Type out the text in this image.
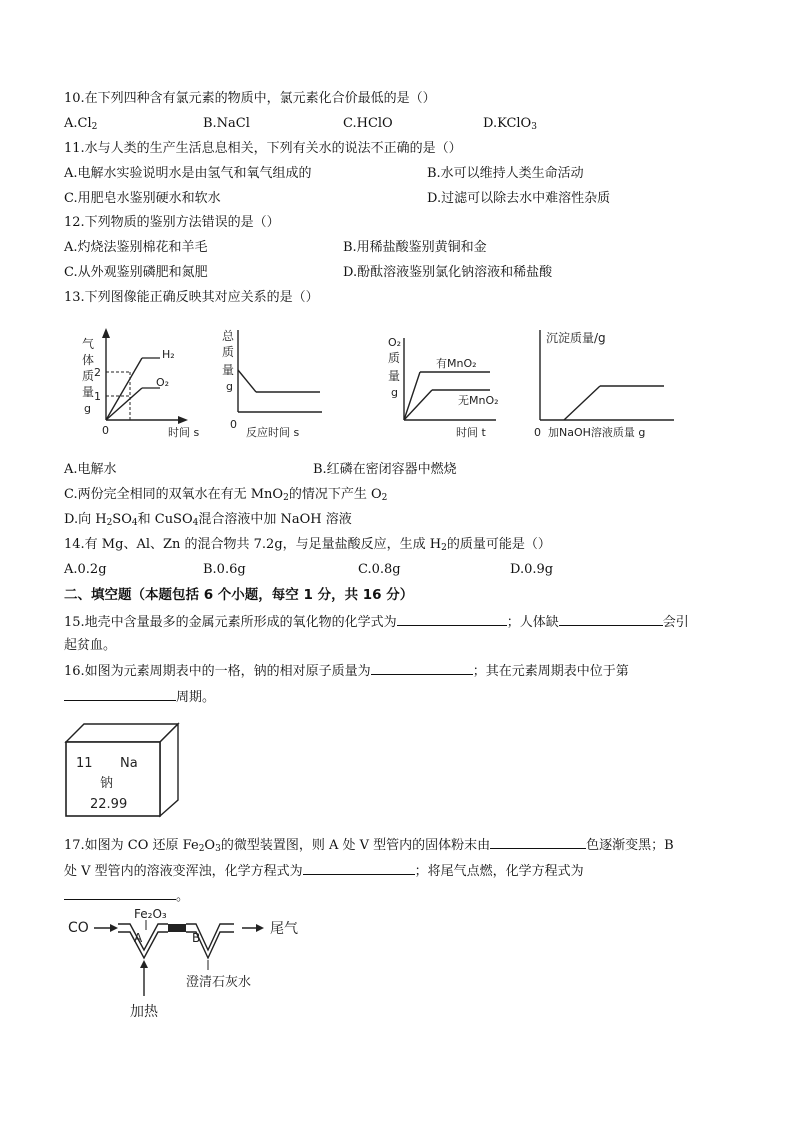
10.在下列四种含有氯元素的物质中，氯元素化合价最低的是（）
$A.Cl_2$	B.NaCl	C.HClO	D.KClO$_3$
11.水与人类的生产生活息息相关，下列有关水的说法不正确的是（）
A.电解水实验说明水是由氢气和氧气组成的	B.水可以维持人类生命活动
C.用肥皂水鉴别硬水和软水	D.过滤可以除去水中难溶性杂质
12.下列物质的鉴别方法错误的是（）
A.灼烧法鉴别棉花和羊毛	B.用稀盐酸鉴别黄铜和金
C.从外观鉴别磷肥和氮肥	D.酚酞溶液鉴别氯化钠溶液和稀盐酸
13.下列图像能正确反映其对应关系的是（）
气
体
质
量
g
2
1
H₂
O₂
0	时间 s
总
质
量
g
0
反应时间 s
O₂
质
量
g
有MnO₂
无MnO₂
时间 t
沉淀质量/g
0 加NaOH溶液质量 g
A.电解水	B.红磷在密闭容器中燃烧
C.两份完全相同的双氧水在有无 MnO$_2$的情况下产生 $O_2$
D.向 $H_2SO_4$和 CuSO$_4$混合溶液中加 NaOH 溶液
14.有 Mg、Al、Zn 的混合物共 7.2g，与足量盐酸反应，生成 $H_2$的质量可能是（）
A.0.2g	B.0.6g	C.0.8g	D.0.9g
二、填空题（本题包括 6 个小题，每空 1 分，共 16 分）
15.地壳中含量最多的金属元素所形成的氧化物的化学式为	；人体缺	会引
起贫血。
16.如图为元素周期表中的一格，钠的相对原子质量为	；其在元素周期表中位于第
周期。
11 Na
钠
22.99
17.如图为 CO 还原 $Fe_2O_3$的微型装置图，则 A 处 V 型管内的固体粉末由	色逐渐变黑；B
处 V 型管内的溶液变浑浊，化学方程式为	；将尾气点燃，化学方程式为
。
CO
Fe₂O₃
A	B
尾气
澄清石灰水
加热
